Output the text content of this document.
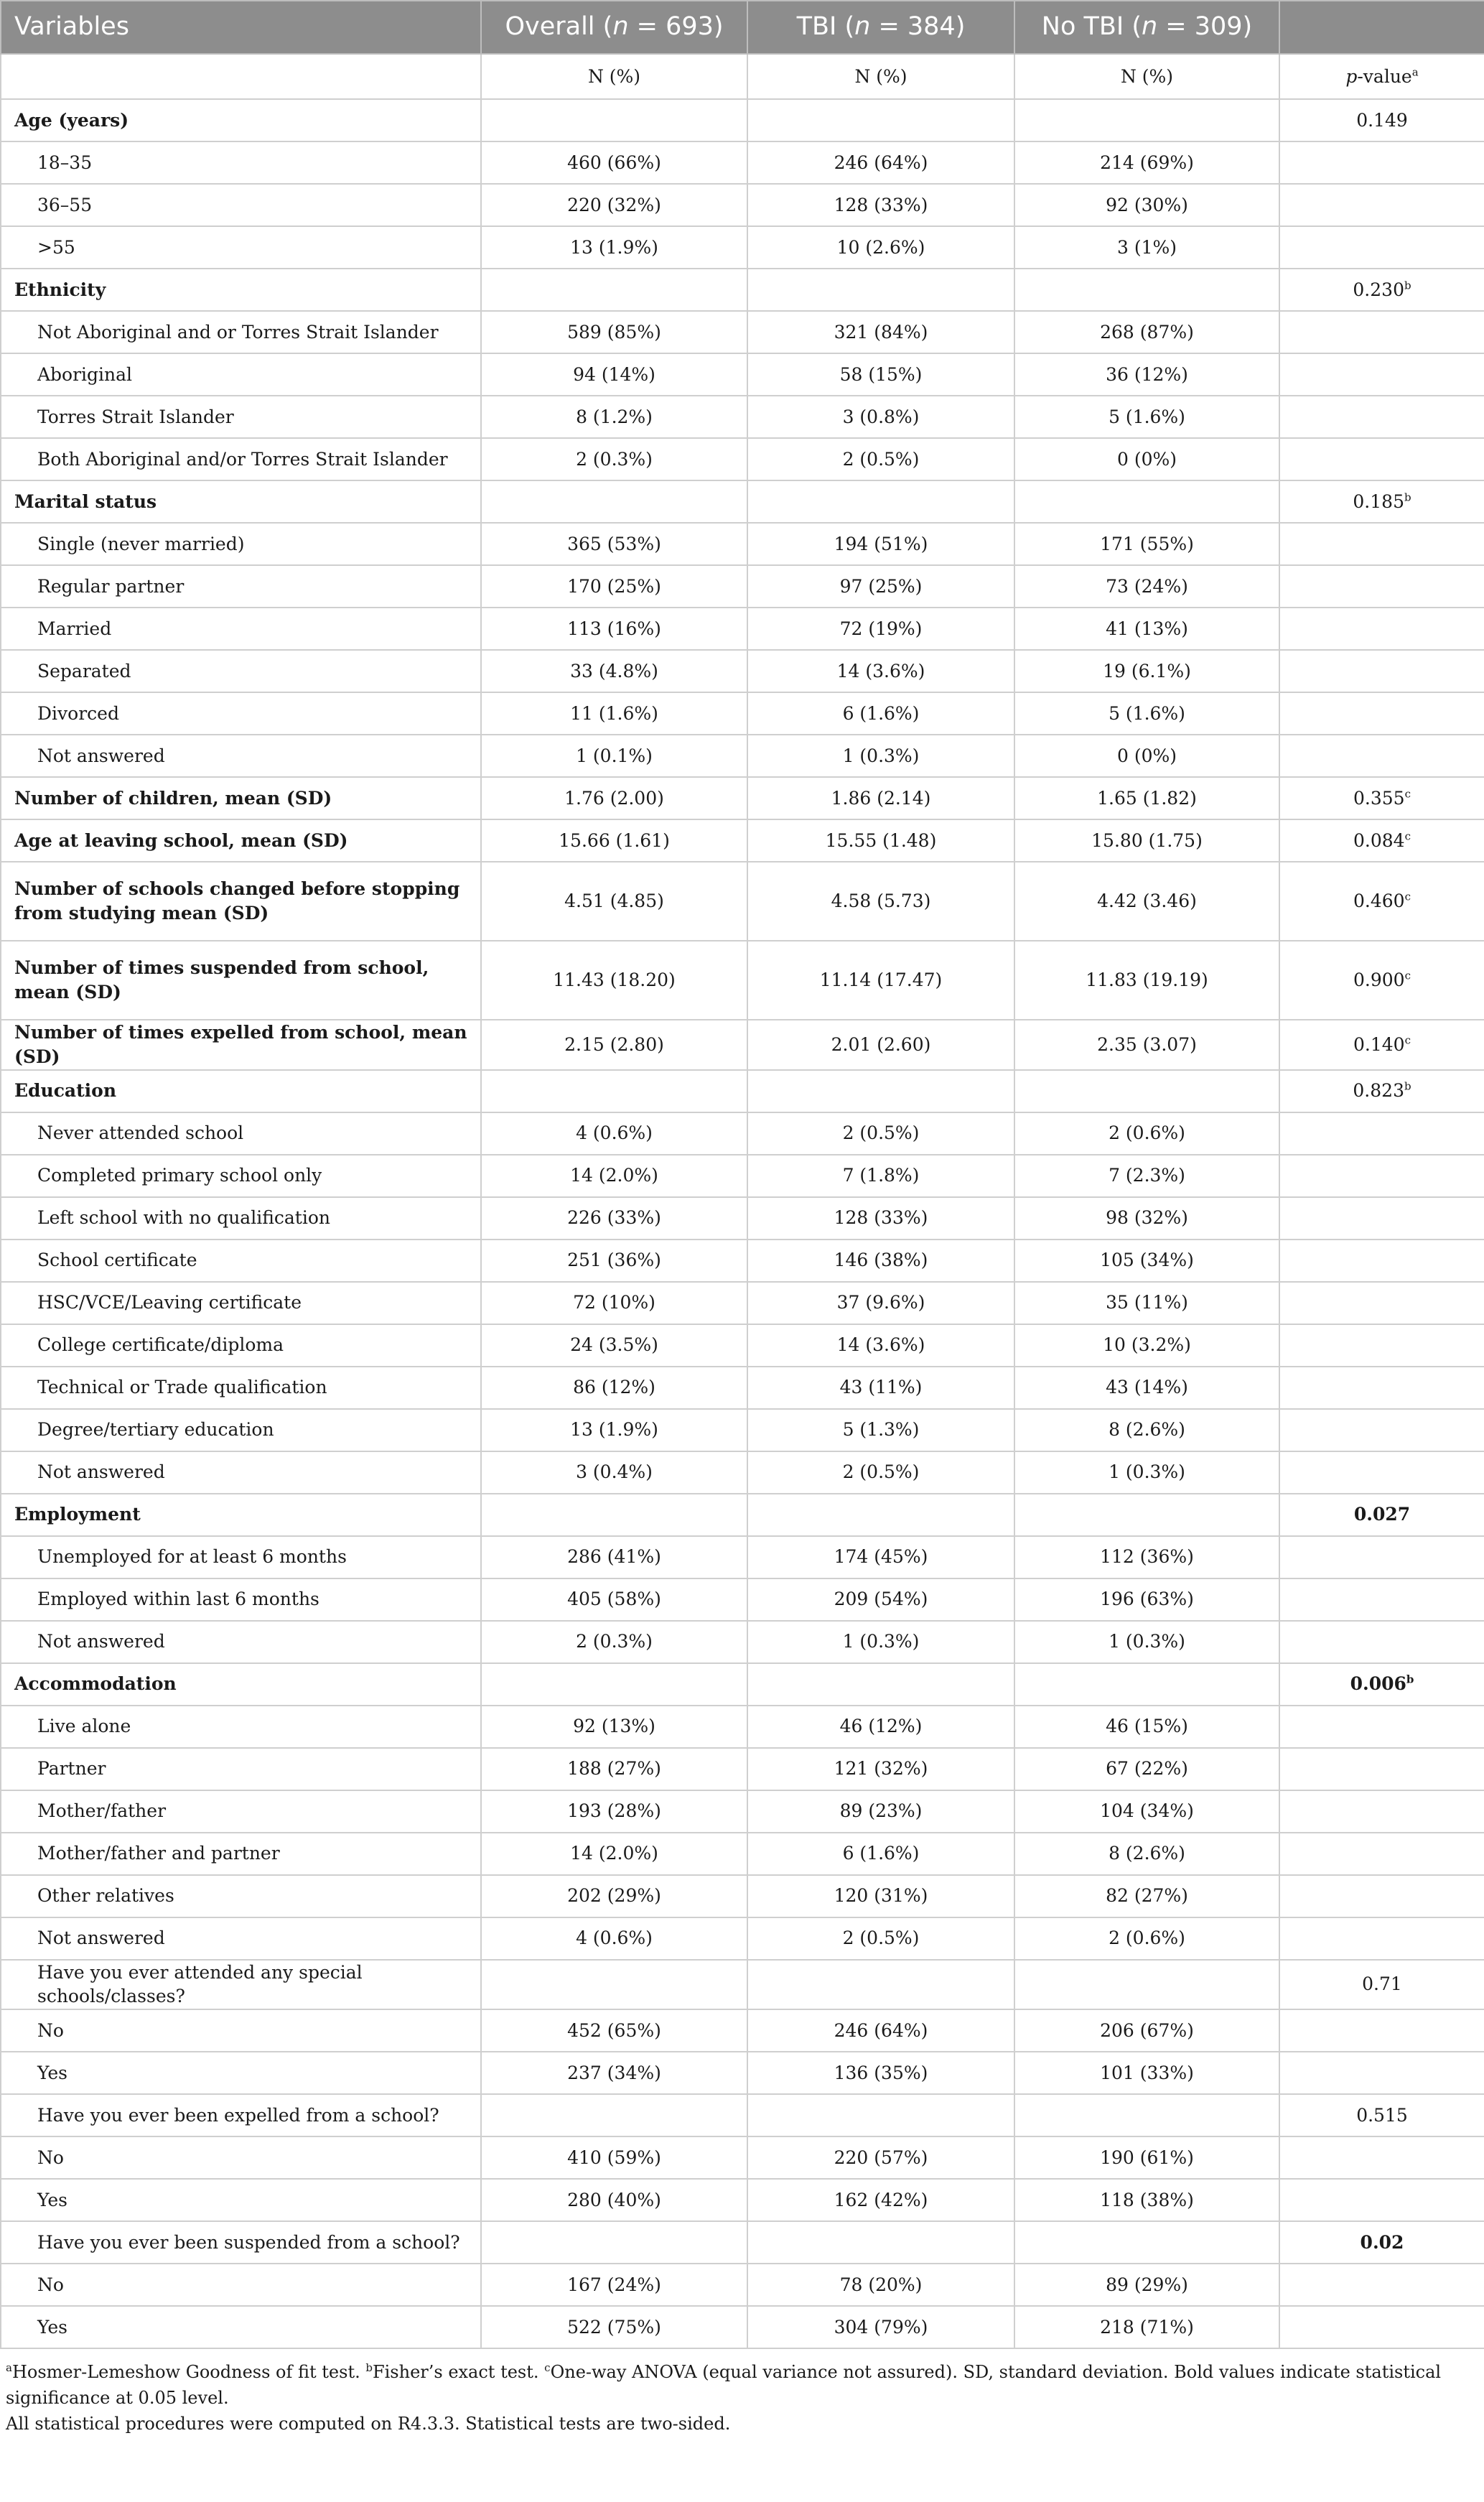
Variables	Overall (n = 693)	TBI (n = 384)	No TBI (n = 309)	
	N (%)	N (%)	N (%)	p-value$^a$
Age (years)				0.149
18–35	460 (66%)	246 (64%)	214 (69%)	
36–55	220 (32%)	128 (33%)	92 (30%)	
>55	13 (1.9%)	10 (2.6%)	3 (1%)	
Ethnicity				0.230$^b$
Not Aboriginal and or Torres Strait Islander	589 (85%)	321 (84%)	268 (87%)	
Aboriginal	94 (14%)	58 (15%)	36 (12%)	
Torres Strait Islander	8 (1.2%)	3 (0.8%)	5 (1.6%)	
Both Aboriginal and/or Torres Strait Islander	2 (0.3%)	2 (0.5%)	0 (0%)	
Marital status				0.185$^b$
Single (never married)	365 (53%)	194 (51%)	171 (55%)	
Regular partner	170 (25%)	97 (25%)	73 (24%)	
Married	113 (16%)	72 (19%)	41 (13%)	
Separated	33 (4.8%)	14 (3.6%)	19 (6.1%)	
Divorced	11 (1.6%)	6 (1.6%)	5 (1.6%)	
Not answered	1 (0.1%)	1 (0.3%)	0 (0%)	
Number of children, mean (SD)	1.76 (2.00)	1.86 (2.14)	1.65 (1.82)	0.355$^c$
Age at leaving school, mean (SD)	15.66 (1.61)	15.55 (1.48)	15.80 (1.75)	0.084$^c$
Number of schools changed before stopping from studying mean (SD)	4.51 (4.85)	4.58 (5.73)	4.42 (3.46)	0.460$^c$
Number of times suspended from school, mean (SD)	11.43 (18.20)	11.14 (17.47)	11.83 (19.19)	0.900$^c$
Number of times expelled from school, mean (SD)	2.15 (2.80)	2.01 (2.60)	2.35 (3.07)	0.140$^c$
Education				0.823$^b$
Never attended school	4 (0.6%)	2 (0.5%)	2 (0.6%)	
Completed primary school only	14 (2.0%)	7 (1.8%)	7 (2.3%)	
Left school with no qualification	226 (33%)	128 (33%)	98 (32%)	
School certificate	251 (36%)	146 (38%)	105 (34%)	
HSC/VCE/Leaving certificate	72 (10%)	37 (9.6%)	35 (11%)	
College certificate/diploma	24 (3.5%)	14 (3.6%)	10 (3.2%)	
Technical or Trade qualification	86 (12%)	43 (11%)	43 (14%)	
Degree/tertiary education	13 (1.9%)	5 (1.3%)	8 (2.6%)	
Not answered	3 (0.4%)	2 (0.5%)	1 (0.3%)	
Employment				0.027
Unemployed for at least 6 months	286 (41%)	174 (45%)	112 (36%)	
Employed within last 6 months	405 (58%)	209 (54%)	196 (63%)	
Not answered	2 (0.3%)	1 (0.3%)	1 (0.3%)	
Accommodation				0.006$^b$
Live alone	92 (13%)	46 (12%)	46 (15%)	
Partner	188 (27%)	121 (32%)	67 (22%)	
Mother/father	193 (28%)	89 (23%)	104 (34%)	
Mother/father and partner	14 (2.0%)	6 (1.6%)	8 (2.6%)	
Other relatives	202 (29%)	120 (31%)	82 (27%)	
Not answered	4 (0.6%)	2 (0.5%)	2 (0.6%)	
Have you ever attended any special schools/classes?				0.71
No	452 (65%)	246 (64%)	206 (67%)	
Yes	237 (34%)	136 (35%)	101 (33%)	
Have you ever been expelled from a school?				0.515
No	410 (59%)	220 (57%)	190 (61%)	
Yes	280 (40%)	162 (42%)	118 (38%)	
Have you ever been suspended from a school?				0.02
No	167 (24%)	78 (20%)	89 (29%)	
Yes	522 (75%)	304 (79%)	218 (71%)	
$^a$Hosmer-Lemeshow Goodness of fit test. $^b$Fisher’s exact test. $^c$One-way ANOVA (equal variance not assured). SD, standard deviation. Bold values indicate statistical significance at 0.05 level.
All statistical procedures were computed on R4.3.3. Statistical tests are two-sided.
